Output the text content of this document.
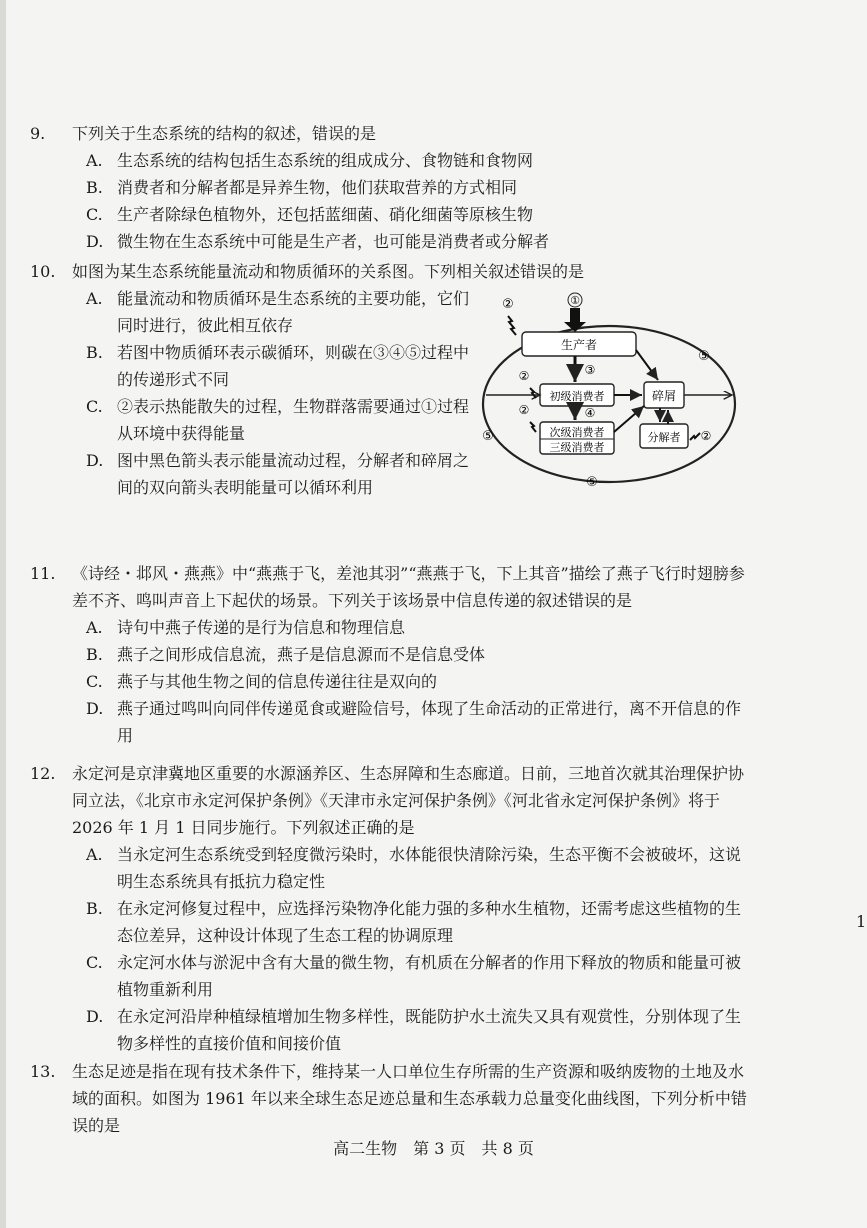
9. 下列关于生态系统的结构的叙述，错误的是
A. 生态系统的结构包括生态系统的组成成分、食物链和食物网
B. 消费者和分解者都是异养生物，他们获取营养的方式相同
C. 生产者除绿色植物外，还包括蓝细菌、硝化细菌等原核生物
D. 微生物在生态系统中可能是生产者，也可能是消费者或分解者
10. 如图为某生态系统能量流动和物质循环的关系图。下列相关叙述错误的是
A. 能量流动和物质循环是生态系统的主要功能，它们同时进行，彼此相互依存
B. 若图中物质循环表示碳循环，则碳在③④⑤过程中的传递形式不同
C. ②表示热能散失的过程，生物群落需要通过①过程从环境中获得能量
D. 图中黑色箭头表示能量流动过程，分解者和碎屑之间的双向箭头表明能量可以循环利用
①
②
生产者
初级消费者
次级消费者
三级消费者
碎屑
分解者
③
④
②
②
②
⑤
⑤
⑤
11. 《诗经・邶风・燕燕》中“燕燕于飞，差池其羽”“燕燕于飞，下上其音”描绘了燕子飞行时翅膀参差不齐、鸣叫声音上下起伏的场景。下列关于该场景中信息传递的叙述错误的是
A. 诗句中燕子传递的是行为信息和物理信息
B. 燕子之间形成信息流，燕子是信息源而不是信息受体
C. 燕子与其他生物之间的信息传递往往是双向的
D. 燕子通过鸣叫向同伴传递觅食或避险信号，体现了生命活动的正常进行，离不开信息的作用
12. 永定河是京津冀地区重要的水源涵养区、生态屏障和生态廊道。日前，三地首次就其治理保护协同立法，《北京市永定河保护条例》《天津市永定河保护条例》《河北省永定河保护条例》将于 2026 年 1 月 1 日同步施行。下列叙述正确的是
A. 当永定河生态系统受到轻度微污染时，水体能很快清除污染，生态平衡不会被破坏，这说明生态系统具有抵抗力稳定性
B. 在永定河修复过程中，应选择污染物净化能力强的多种水生植物，还需考虑这些植物的生态位差异，这种设计体现了生态工程的协调原理
C. 永定河水体与淤泥中含有大量的微生物，有机质在分解者的作用下释放的物质和能量可被植物重新利用
D. 在永定河沿岸种植绿植增加生物多样性，既能防护水土流失又具有观赏性，分别体现了生物多样性的直接价值和间接价值
13. 生态足迹是指在现有技术条件下，维持某一人口单位生存所需的生产资源和吸纳废物的土地及水域的面积。如图为 1961 年以来全球生态足迹总量和生态承载力总量变化曲线图，下列分析中错误的是
1
高二生物　第 3 页　共 8 页
